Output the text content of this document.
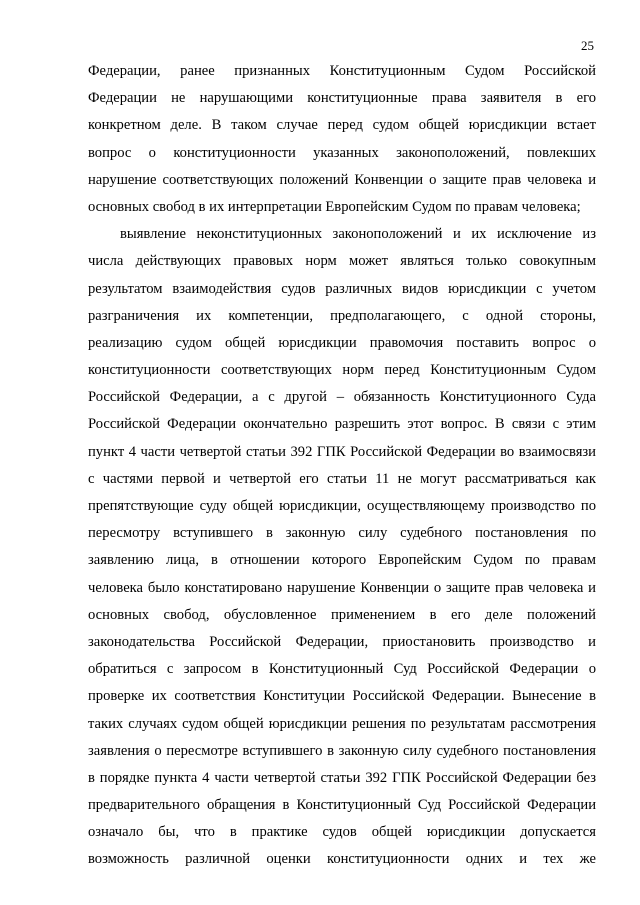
25
Федерации, ранее признанных Конституционным Судом Российской
Федерации не нарушающими конституционные права заявителя в его
конкретном деле. В таком случае перед судом общей юрисдикции встает
вопрос о конституционности указанных законоположений, повлекших
нарушение соответствующих положений Конвенции о защите прав человека и
основных свобод в их интерпретации Европейским Судом по правам человека;
выявление неконституционных законоположений и их исключение из
числа действующих правовых норм может являться только совокупным
результатом взаимодействия судов различных видов юрисдикции с учетом
разграничения их компетенции, предполагающего, с одной стороны,
реализацию судом общей юрисдикции правомочия поставить вопрос о
конституционности соответствующих норм перед Конституционным Судом
Российской Федерации, а с другой – обязанность Конституционного Суда
Российской Федерации окончательно разрешить этот вопрос. В связи с этим
пункт 4 части четвертой статьи 392 ГПК Российской Федерации во взаимосвязи
с частями первой и четвертой его статьи 11 не могут рассматриваться как
препятствующие суду общей юрисдикции, осуществляющему производство по
пересмотру вступившего в законную силу судебного постановления по
заявлению лица, в отношении которого Европейским Судом по правам
человека было констатировано нарушение Конвенции о защите прав человека и
основных свобод, обусловленное применением в его деле положений
законодательства Российской Федерации, приостановить производство и
обратиться с запросом в Конституционный Суд Российской Федерации о
проверке их соответствия Конституции Российской Федерации. Вынесение в
таких случаях судом общей юрисдикции решения по результатам рассмотрения
заявления о пересмотре вступившего в законную силу судебного постановления
в порядке пункта 4 части четвертой статьи 392 ГПК Российской Федерации без
предварительного обращения в Конституционный Суд Российской Федерации
означало бы, что в практике судов общей юрисдикции допускается
возможность различной оценки конституционности одних и тех же
